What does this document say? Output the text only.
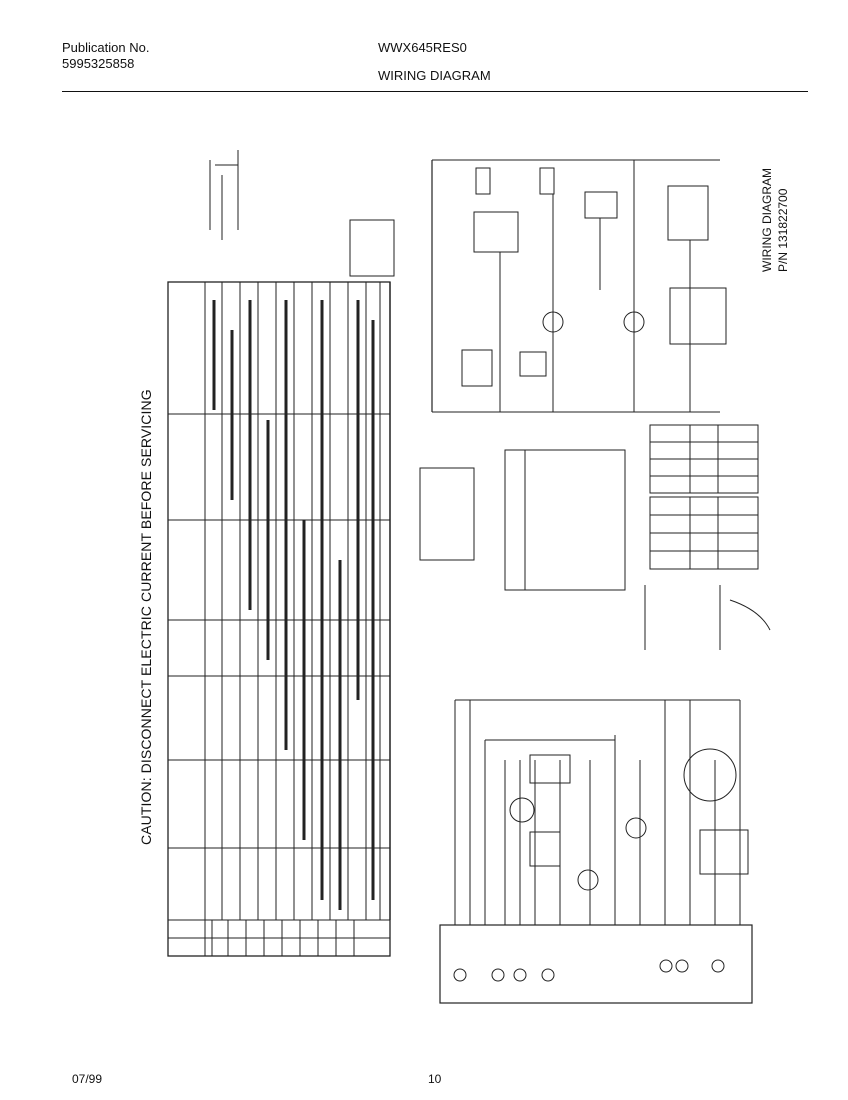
Publication No.
5995325858
WWX645RES0
WIRING DIAGRAM
CAUTION: DISCONNECT ELECTRIC CURRENT BEFORE SERVICING
WIRING DIAGRAM P/N 131822700
07/99	10
